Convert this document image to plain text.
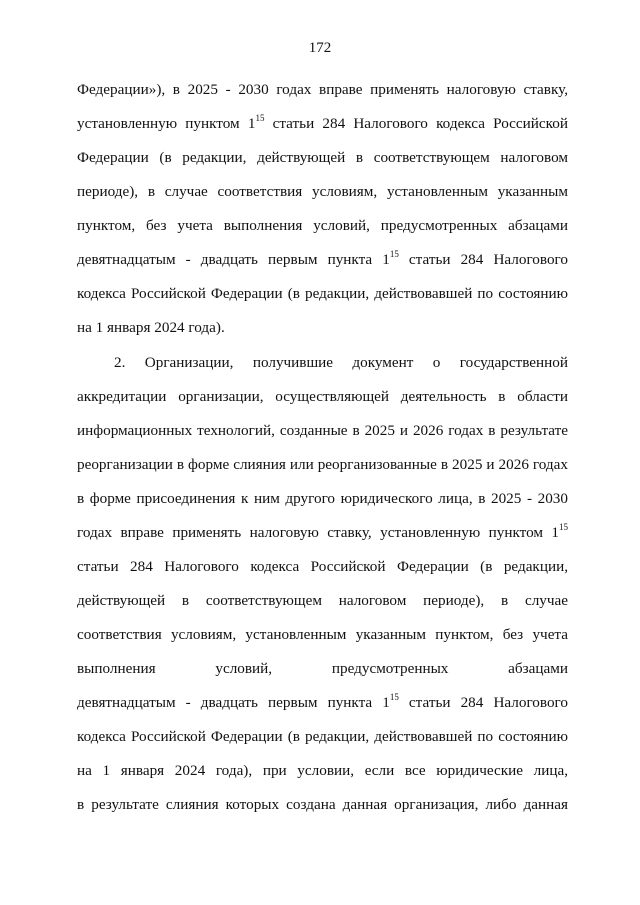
172
Федерации»), в 2025 - 2030 годах вправе применять налоговую ставку,
установленную пунктом $1^{15}$ статьи 284 Налогового кодекса Российской
Федерации (в редакции, действующей в соответствующем налоговом
периоде), в случае соответствия условиям, установленным указанным
пунктом, без учета выполнения условий, предусмотренных абзацами
девятнадцатым - двадцать первым пункта $1^{15}$ статьи 284 Налогового
кодекса Российской Федерации (в редакции, действовавшей по состоянию
на 1 января 2024 года).
2. Организации, получившие документ о государственной
аккредитации организации, осуществляющей деятельность в области
информационных технологий, созданные в 2025 и 2026 годах в результате
реорганизации в форме слияния или реорганизованные в 2025 и 2026 годах
в форме присоединения к ним другого юридического лица, в 2025 - 2030
годах вправе применять налоговую ставку, установленную пунктом $1^{15}$
статьи 284 Налогового кодекса Российской Федерации (в редакции,
действующей в соответствующем налоговом периоде), в случае
соответствия условиям, установленным указанным пунктом, без учета
выполнения условий, предусмотренных абзацами
девятнадцатым - двадцать первым пункта $1^{15}$ статьи 284 Налогового
кодекса Российской Федерации (в редакции, действовавшей по состоянию
на 1 января 2024 года), при условии, если все юридические лица,
в результате слияния которых создана данная организация, либо данная
